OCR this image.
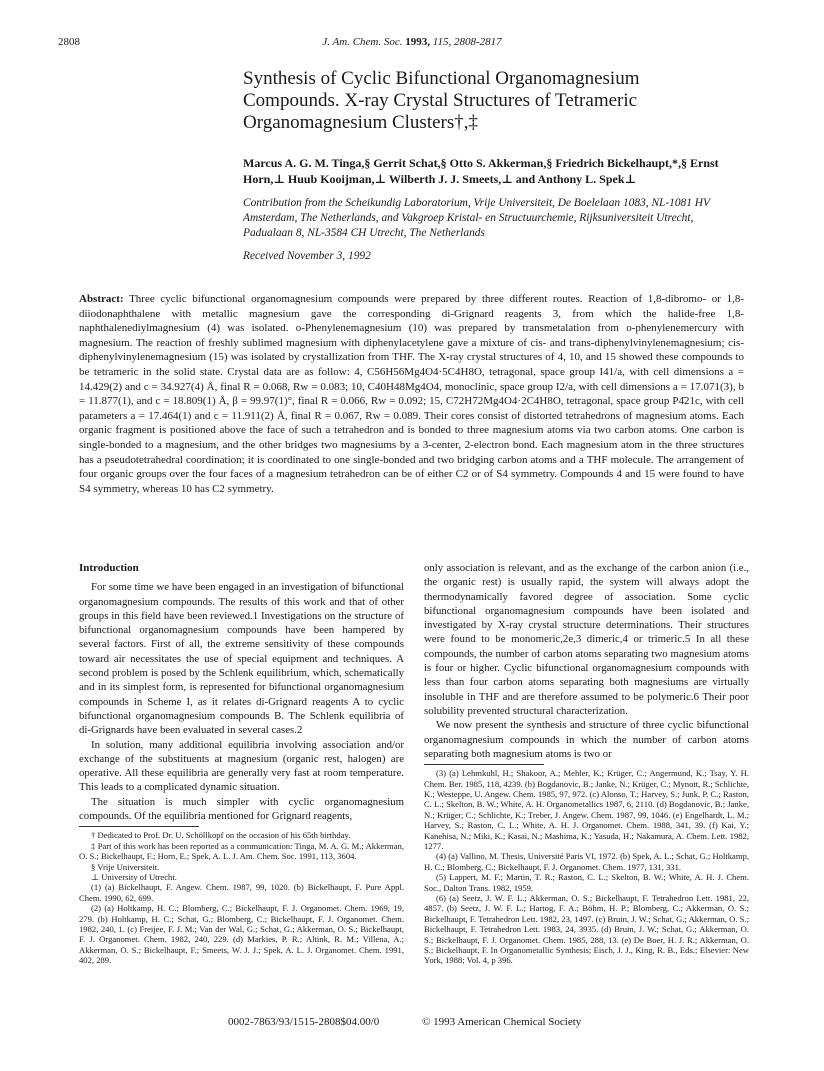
2808	J. Am. Chem. Soc. 1993, 115, 2808-2817
Synthesis of Cyclic Bifunctional Organomagnesium Compounds. X-ray Crystal Structures of Tetrameric Organomagnesium Clusters†,‡
Marcus A. G. M. Tinga,§ Gerrit Schat,§ Otto S. Akkerman,§ Friedrich Bickelhaupt,*,§ Ernst Horn,⊥ Huub Kooijman,⊥ Wilberth J. J. Smeets,⊥ and Anthony L. Spek⊥
Contribution from the Scheikundig Laboratorium, Vrije Universiteit, De Boelelaan 1083, NL-1081 HV Amsterdam, The Netherlands, and Vakgroep Kristal- en Structuurchemie, Rijksuniversiteit Utrecht, Padualaan 8, NL-3584 CH Utrecht, The Netherlands
Received November 3, 1992
Abstract: Three cyclic bifunctional organomagnesium compounds were prepared by three different routes. Reaction of 1,8-dibromo- or 1,8-diiodonaphthalene with metallic magnesium gave the corresponding di-Grignard reagents 3, from which the halide-free 1,8-naphthalenediylmagnesium (4) was isolated. o-Phenylenemagnesium (10) was prepared by transmetalation from o-phenylenemercury with magnesium. The reaction of freshly sublimed magnesium with diphenylacetylene gave a mixture of cis- and trans-diphenylvinylenemagnesium; cis-diphenylvinylenemagnesium (15) was isolated by crystallization from THF. The X-ray crystal structures of 4, 10, and 15 showed these compounds to be tetrameric in the solid state. Crystal data are as follow: 4, C56H56Mg4O4·5C4H8O, tetragonal, space group I41/a, with cell dimensions a = 14.429(2) and c = 34.927(4) Å, final R = 0.068, Rw = 0.083; 10, C40H48Mg4O4, monoclinic, space group I2/a, with cell dimensions a = 17.071(3), b = 11.877(1), and c = 18.809(1) Å, β = 99.97(1)°, final R = 0.066, Rw = 0.092; 15, C72H72Mg4O4·2C4H8O, tetragonal, space group P4̄21c, with cell parameters a = 17.464(1) and c = 11.911(2) Å, final R = 0.067, Rw = 0.089. Their cores consist of distorted tetrahedrons of magnesium atoms. Each organic fragment is positioned above the face of such a tetrahedron and is bonded to three magnesium atoms via two carbon atoms. One carbon is single-bonded to a magnesium, and the other bridges two magnesiums by a 3-center, 2-electron bond. Each magnesium atom in the three structures has a pseudotetrahedral coordination; it is coordinated to one single-bonded and two bridging carbon atoms and a THF molecule. The arrangement of four organic groups over the four faces of a magnesium tetrahedron can be of either C2 or of S4 symmetry. Compounds 4 and 15 were found to have S4 symmetry, whereas 10 has C2 symmetry.
Introduction

For some time we have been engaged in an investigation of bifunctional organomagnesium compounds. The results of this work and that of other groups in this field have been reviewed.1 Investigations on the structure of bifunctional organomagnesium compounds have been hampered by several factors. First of all, the extreme sensitivity of these compounds toward air necessitates the use of special equipment and techniques. A second problem is posed by the Schlenk equilibrium, which, schematically and in its simplest form, is represented for bifunctional organomagnesium compounds in Scheme I, as it relates di-Grignard reagents A to cyclic bifunctional organomagnesium compounds B. The Schlenk equilibria of di-Grignards have been evaluated in several cases.2

In solution, many additional equilibria involving association and/or exchange of the substituents at magnesium (organic rest, halogen) are operative. All these equilibria are generally very fast at room temperature. This leads to a complicated dynamic situation.

The situation is much simpler with cyclic organomagnesium compounds. Of the equilibria mentioned for Grignard reagents,

† Dedicated to Prof. Dr. U. Schöllkopf on the occasion of his 65th birthday.

‡ Part of this work has been reported as a communication: Tinga, M. A. G. M.; Akkerman, O. S.; Bickelhaupt, F.; Horn, E.; Spek, A. L. J. Am. Chem. Soc. 1991, 113, 3604.

§ Vrije Universiteit.

⊥ University of Utrecht.

(1) (a) Bickelhaupt, F. Angew. Chem. 1987, 99, 1020. (b) Bickelhaupt, F. Pure Appl. Chem. 1990, 62, 699.

(2) (a) Holtkamp, H. C.; Blomberg, C.; Bickelhaupt, F. J. Organomet. Chem. 1969, 19, 279. (b) Holtkamp, H. C.; Schat, G.; Blomberg, C.; Bickelhaupt, F. J. Organomet. Chem. 1982, 240, 1. (c) Freijee, F. J. M.; Van der Wal, G.; Schat, G.; Akkerman, O. S.; Bickelhaupt, F. J. Organomet. Chem. 1982, 240, 229. (d) Markies, P. R.; Altink, R. M.; Villena, A.; Akkerman, O. S.; Bickelhaupt, F.; Smeets, W. J. J.; Spek, A. L. J. Organomet. Chem. 1991, 402, 289.

only association is relevant, and as the exchange of the carbon anion (i.e., the organic rest) is usually rapid, the system will always adopt the thermodynamically favored degree of association. Some cyclic bifunctional organomagnesium compounds have been isolated and investigated by X-ray crystal structure determinations. Their structures were found to be monomeric,2e,3 dimeric,4 or trimeric.5 In all these compounds, the number of carbon atoms separating two magnesium atoms is four or higher. Cyclic bifunctional organomagnesium compounds with less than four carbon atoms separating both magnesiums are virtually insoluble in THF and are therefore assumed to be polymeric.6 Their poor solubility prevented structural characterization.

We now present the synthesis and structure of three cyclic bifunctional organomagnesium compounds in which the number of carbon atoms separating both magnesium atoms is two or

(3) (a) Lehmkuhl, H.; Shakoor, A.; Mehler, K.; Krüger, C.; Angermund, K.; Tsay, Y. H. Chem. Ber. 1985, 118, 4239. (b) Bogdanovic, B.; Janke, N.; Krüger, C.; Mynott, R.; Schlichte, K.; Westeppe, U. Angew. Chem. 1985, 97, 972. (c) Alonso, T.; Harvey, S.; Junk, P. C.; Raston, C. L.; Skelton, B. W.; White, A. H. Organometallics 1987, 6, 2110. (d) Bogdanovic, B.; Janke, N.; Krüger, C.; Schlichte, K.; Treber, J. Angew. Chem. 1987, 99, 1046. (e) Engelhardt, L. M.; Harvey, S.; Raston, C. L.; White, A. H. J. Organomet. Chem. 1988, 341, 39. (f) Kai, Y.; Kanehisa, N.; Miki, K.; Kasai, N.; Mashima, K.; Yasuda, H.; Nakamura, A. Chem. Lett. 1982, 1277.

(4) (a) Vallino, M. Thesis, Université Paris VI, 1972. (b) Spek, A. L.; Schat, G.; Holtkamp, H. C.; Blomberg, C.; Bickelhaupt, F. J. Organomet. Chem. 1977, 131, 331.

(5) Lappert, M. F.; Martin, T. R.; Raston, C. L.; Skelton, B. W.; White, A. H. J. Chem. Soc., Dalton Trans. 1982, 1959.

(6) (a) Seetz, J. W. F. L.; Akkerman, O. S.; Bickelhaupt, F. Tetrahedron Lett. 1981, 22, 4857. (b) Seetz, J. W. F. L.; Hartog, F. A.; Böhm, H. P.; Blomberg, C.; Akkerman, O. S.; Bickelhaupt, F. Tetrahedron Lett. 1982, 23, 1497. (c) Bruin, J. W.; Schat, G.; Akkerman, O. S.; Bickelhaupt, F. Tetrahedron Lett. 1983, 24, 3935. (d) Bruin, J. W.; Schat, G.; Akkerman, O. S.; Bickelhaupt, F. J. Organomet. Chem. 1985, 288, 13. (e) De Boer, H. J. R.; Akkerman, O. S.; Bickelhaupt, F. In Organometallic Synthesis; Eisch, J. J., King, R. B., Eds.; Elsevier: New York, 1988; Vol. 4, p 396.

0002-7863/93/1515-2808$04.00/0	© 1993 American Chemical Society
